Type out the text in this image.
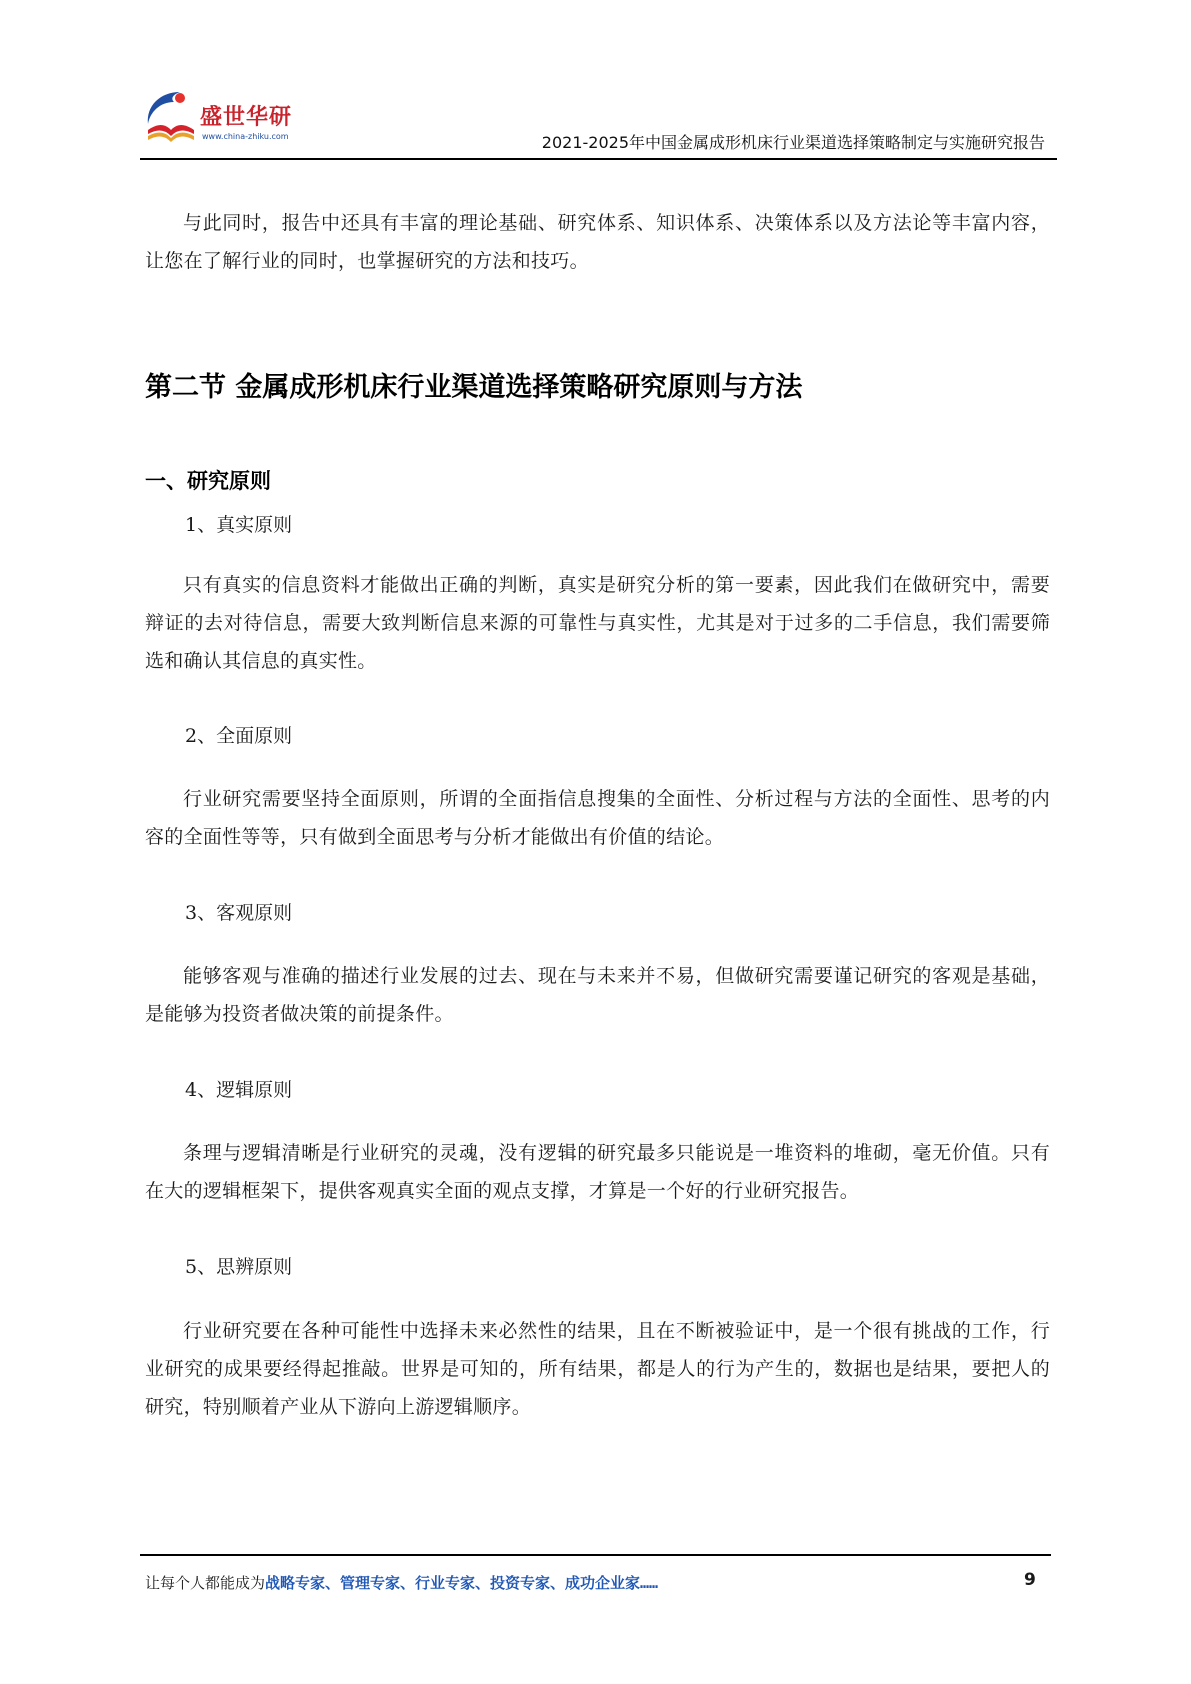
盛世华研
www.china-zhiku.com	2021-2025年中国金属成形机床行业渠道选择策略制定与实施研究报告

与此同时，报告中还具有丰富的理论基础、研究体系、知识体系、决策体系以及方法论等丰富内容，让您在了解行业的同时，也掌握研究的方法和技巧。

第二节 金属成形机床行业渠道选择策略研究原则与方法
一、研究原则
1、真实原则

只有真实的信息资料才能做出正确的判断，真实是研究分析的第一要素，因此我们在做研究中，需要辩证的去对待信息，需要大致判断信息来源的可靠性与真实性，尤其是对于过多的二手信息，我们需要筛选和确认其信息的真实性。

2、全面原则

行业研究需要坚持全面原则，所谓的全面指信息搜集的全面性、分析过程与方法的全面性、思考的内容的全面性等等，只有做到全面思考与分析才能做出有价值的结论。

3、客观原则

能够客观与准确的描述行业发展的过去、现在与未来并不易，但做研究需要谨记研究的客观是基础，是能够为投资者做决策的前提条件。

4、逻辑原则

条理与逻辑清晰是行业研究的灵魂，没有逻辑的研究最多只能说是一堆资料的堆砌，毫无价值。只有在大的逻辑框架下，提供客观真实全面的观点支撑，才算是一个好的行业研究报告。

5、思辨原则

行业研究要在各种可能性中选择未来必然性的结果，且在不断被验证中，是一个很有挑战的工作，行业研究的成果要经得起推敲。世界是可知的，所有结果，都是人的行为产生的，数据也是结果，要把人的研究，特别顺着产业从下游向上游逻辑顺序。

让每个人都能成为战略专家、管理专家、行业专家、投资专家、成功企业家……	9
